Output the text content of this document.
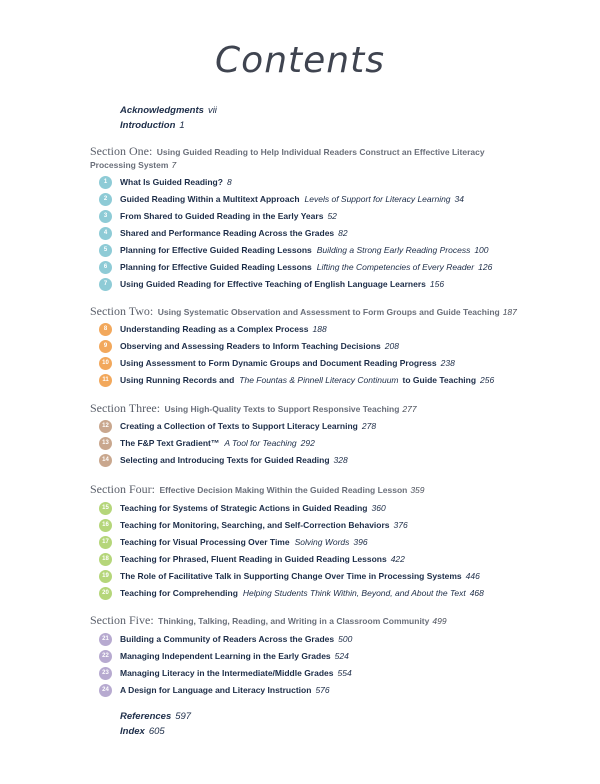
Contents
Acknowledgments vii
Introduction 1
Section One: Using Guided Reading to Help Individual Readers Construct an Effective Literacy Processing System 7
1	What Is Guided Reading? 8
2	Guided Reading Within a Multitext Approach Levels of Support for Literacy Learning 34
3	From Shared to Guided Reading in the Early Years 52
4	Shared and Performance Reading Across the Grades 82
5	Planning for Effective Guided Reading Lessons Building a Strong Early Reading Process 100
6	Planning for Effective Guided Reading Lessons Lifting the Competencies of Every Reader 126
7	Using Guided Reading for Effective Teaching of English Language Learners 156
Section Two: Using Systematic Observation and Assessment to Form Groups and Guide Teaching 187
8	Understanding Reading as a Complex Process 188
9	Observing and Assessing Readers to Inform Teaching Decisions 208
10	Using Assessment to Form Dynamic Groups and Document Reading Progress 238
11	Using Running Records and The Fountas & Pinnell Literacy Continuum to Guide Teaching 256
Section Three: Using High-Quality Texts to Support Responsive Teaching 277
12	Creating a Collection of Texts to Support Literacy Learning 278
13	The F&P Text Gradient™ A Tool for Teaching 292
14	Selecting and Introducing Texts for Guided Reading 328
Section Four: Effective Decision Making Within the Guided Reading Lesson 359
15	Teaching for Systems of Strategic Actions in Guided Reading 360
16	Teaching for Monitoring, Searching, and Self-Correction Behaviors 376
17	Teaching for Visual Processing Over Time Solving Words 396
18	Teaching for Phrased, Fluent Reading in Guided Reading Lessons 422
19	The Role of Facilitative Talk in Supporting Change Over Time in Processing Systems 446
20	Teaching for Comprehending Helping Students Think Within, Beyond, and About the Text 468
Section Five: Thinking, Talking, Reading, and Writing in a Classroom Community 499
21	Building a Community of Readers Across the Grades 500
22	Managing Independent Learning in the Early Grades 524
23	Managing Literacy in the Intermediate/Middle Grades 554
24	A Design for Language and Literacy Instruction 576
References 597
Index 605
